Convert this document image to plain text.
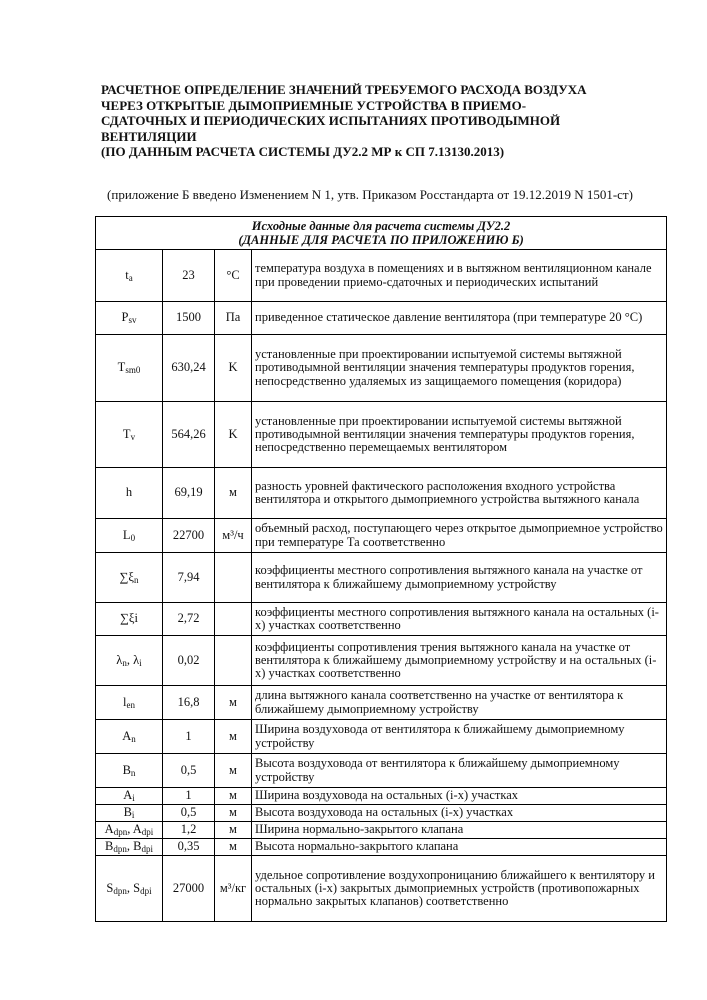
РАСЧЕТНОЕ ОПРЕДЕЛЕНИЕ ЗНАЧЕНИЙ ТРЕБУЕМОГО РАСХОДА ВОЗДУХА
ЧЕРЕЗ ОТКРЫТЫЕ ДЫМОПРИЕМНЫЕ УСТРОЙСТВА В ПРИЕМО-
СДАТОЧНЫХ И ПЕРИОДИЧЕСКИХ ИСПЫТАНИЯХ ПРОТИВОДЫМНОЙ
ВЕНТИЛЯЦИИ
(ПО ДАННЫМ РАСЧЕТА СИСТЕМЫ ДУ2.2 МР к СП 7.13130.2013)

(приложение Б введено Изменением N 1, утв. Приказом Росстандарта от 19.12.2019 N 1501-ст)

Исходные данные для расчета системы ДУ2.2
(ДАННЫЕ ДЛЯ РАСЧЕТА ПО ПРИЛОЖЕНИЮ Б)			

$t_a$	23	°C	температура воздуха в помещениях и в вытяжном вентиляционном канале при проведении приемо-сдаточных и периодических испытаний
$P_{sv}$	1500	Па	приведенное статическое давление вентилятора (при температуре 20 °C)
$T_{sm0}$	630,24	K	установленные при проектировании испытуемой системы вытяжной противодымной вентиляции значения температуры продуктов горения, непосредственно удаляемых из защищаемого помещения (коридора)
$T_v$	564,26	K	установленные при проектировании испытуемой системы вытяжной противодымной вентиляции значения температуры продуктов горения, непосредственно перемещаемых вентилятором
h	69,19	м	разность уровней фактического расположения входного устройства вентилятора и открытого дымоприемного устройства вытяжного канала
$L_0$	22700	м³/ч	объемный расход, поступающего через открытое дымоприемное устройство при температуре Та соответственно
$\sum\xi_n$	7,94		коэффициенты местного сопротивления вытяжного канала на участке от вентилятора к ближайшему дымоприемному устройству
∑ξi	2,72		коэффициенты местного сопротивления вытяжного канала на остальных (i-х) участках соответственно
$\lambda_n$, $\lambda_i$	0,02		коэффициенты сопротивления трения вытяжного канала на участке от вентилятора к ближайшему дымоприемному устройству и на остальных (i-х) участках соответственно
$l_{en}$	16,8	м	длина вытяжного канала соответственно на участке от вентилятора к ближайшему дымоприемному устройству
$A_n$	1	м	Ширина воздуховода от вентилятора к ближайшему дымоприемному устройству
$B_n$	0,5	м	Высота воздуховода от вентилятора к ближайшему дымоприемному устройству
$A_i$	1	м	Ширина воздуховода на остальных (i-х) участках
$B_i$	0,5	м	Высота воздуховода на остальных (i-х) участках
$A_{dpn}$, $A_{dpi}$	1,2	м	Ширина нормально-закрытого клапана
$B_{dpn}$, $B_{dpi}$	0,35	м	Высота нормально-закрытого клапана
$S_{dpn}$, $S_{dpi}$	27000	м³/кг	удельное сопротивление воздухопроницанию ближайшего к вентилятору и остальных (i-х) закрытых дымоприемных устройств (противопожарных нормально закрытых клапанов) соответственно
